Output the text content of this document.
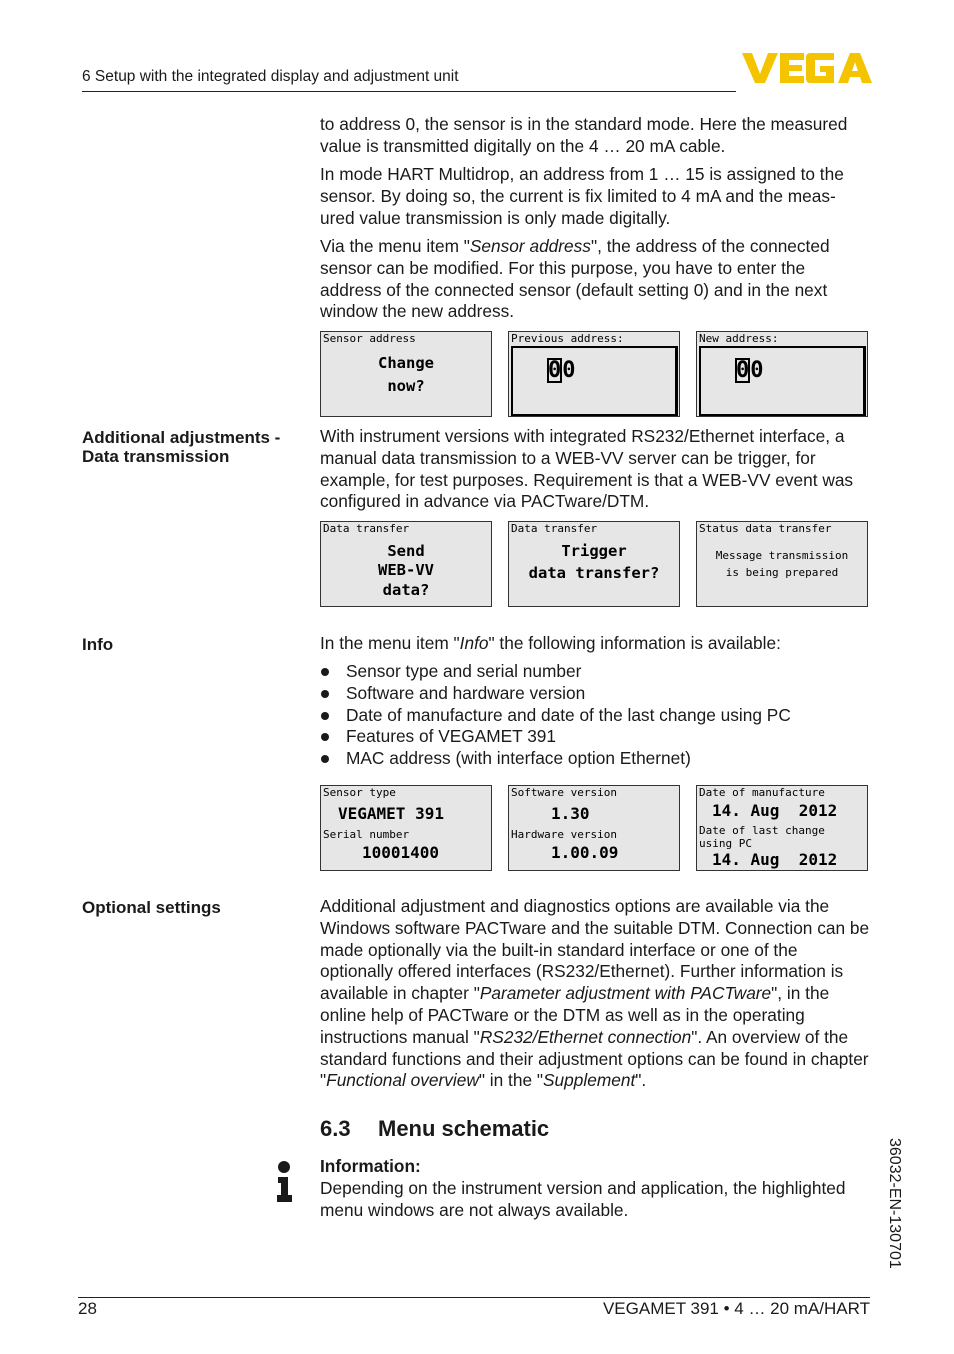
6 Setup with the integrated display and adjustment unit
VEGA

to address 0, the sensor is in the standard mode. Here the measured value is transmitted digitally on the 4 … 20 mA cable.

In mode HART Multidrop, an address from 1 … 15 is assigned to the sensor. By doing so, the current is fix limited to 4 mA and the meas-ured value transmission is only made digitally.

Via the menu item "Sensor address", the address of the connected sensor can be modified. For this purpose, you have to enter the address of the connected sensor (default setting 0) and in the next window the new address.

Sensor address
Change
now?
Previous address:
00
New address:
00
Additional adjustments - Data transmission

With instrument versions with integrated RS232/Ethernet interface, a manual data transmission to a WEB-VV server can be trigger, for example, for test purposes. Requirement is that a WEB-VV event was configured in advance via PACTware/DTM.

Data transfer
Send
WEB-VV
data?
Data transfer
Trigger
data transfer?
Status data transfer
Message transmission
is being prepared
Info	In the menu item "Info" the following information is available:

Sensor type and serial number
Software and hardware version
Date of manufacture and date of the last change using PC
Features of VEGAMET 391
MAC address (with interface option Ethernet)
Sensor type
VEGAMET 391
Serial number
10001400
Software version
1.30
Hardware version
1.00.09
Date of manufacture
14. Aug  2012
Date of last change
using PC
14. Aug  2012
Optional settings	Additional adjustment and diagnostics options are available via the Windows software PACTware and the suitable DTM. Connection can be made optionally via the built-in standard interface or one of the optionally offered interfaces (RS232/Ethernet). Further information is available in chapter "Parameter adjustment with PACTware", in the online help of PACTware or the DTM as well as in the operating instructions manual "RS232/Ethernet connection". An overview of the standard functions and their adjustment options can be found in chapter "Functional overview" in the "Supplement".

6.3 Menu schematic
Information:

Depending on the instrument version and application, the highlighted menu windows are not always available.	36032-EN-130701
28	VEGAMET 391 • 4 … 20 mA/HART
